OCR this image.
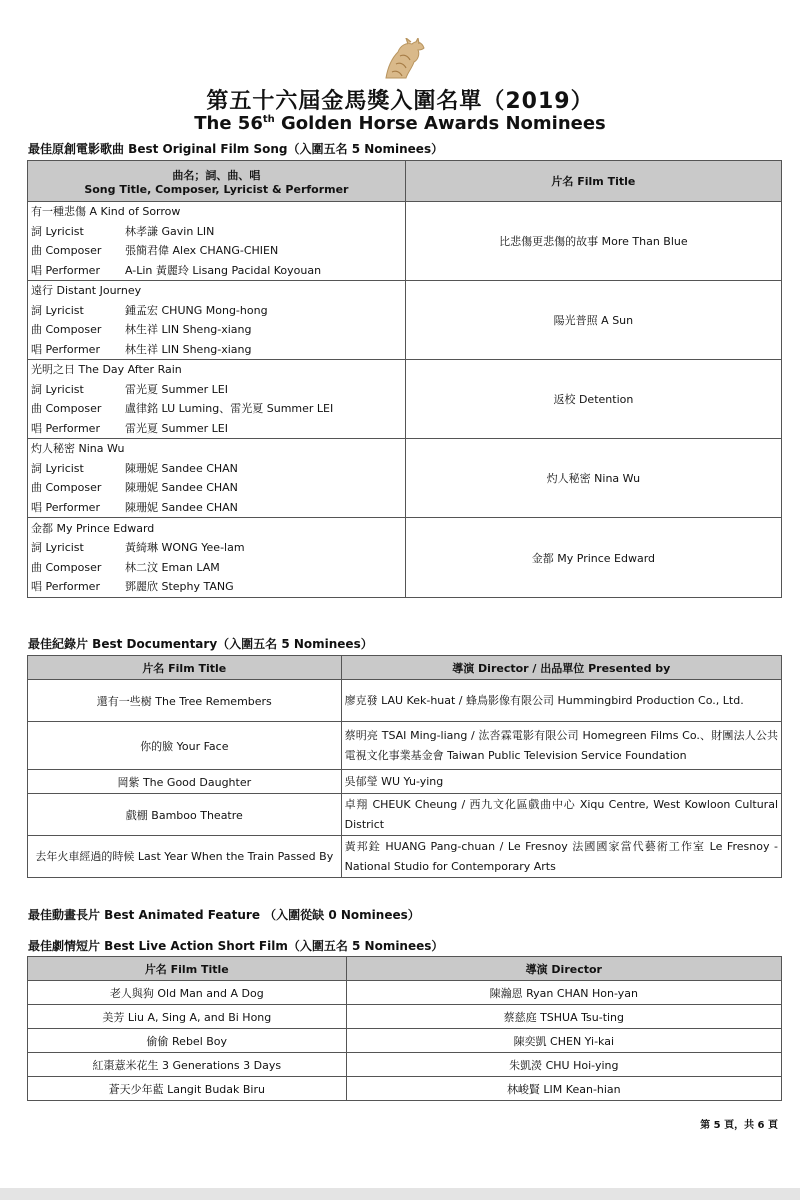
第五十六屆金馬獎入圍名單（2019）
The 56th Golden Horse Awards Nominees
最佳原創電影歌曲 Best Original Film Song（入圍五名 5 Nominees）
曲名；詞、曲、唱
Song Title, Composer, Lyricist & Performer	片名 Film Title

有一種悲傷 A Kind of Sorrow
詞 Lyricist 林孝謙 Gavin LIN
曲 Composer 張簡君偉 Alex CHANG-CHIEN
唱 Performer A-Lin 黃麗玲 Lisang Pacidal Koyouan	比悲傷更悲傷的故事 More Than Blue

遠行 Distant Journey
詞 Lyricist 鍾孟宏 CHUNG Mong-hong
曲 Composer 林生祥 LIN Sheng-xiang
唱 Performer 林生祥 LIN Sheng-xiang	陽光普照 A Sun

光明之日 The Day After Rain
詞 Lyricist 雷光夏 Summer LEI
曲 Composer 盧律銘 LU Luming、雷光夏 Summer LEI
唱 Performer 雷光夏 Summer LEI	返校 Detention

灼人秘密 Nina Wu
詞 Lyricist 陳珊妮 Sandee CHAN
曲 Composer 陳珊妮 Sandee CHAN
唱 Performer 陳珊妮 Sandee CHAN	灼人秘密 Nina Wu

金都 My Prince Edward
詞 Lyricist 黃綺琳 WONG Yee-lam
曲 Composer 林二汶 Eman LAM
唱 Performer 鄧麗欣 Stephy TANG	金都 My Prince Edward
最佳紀錄片 Best Documentary（入圍五名 5 Nominees）
片名 Film Title	導演 Director / 出品單位 Presented by
還有一些樹 The Tree Remembers	廖克發 LAU Kek-huat / 蜂鳥影像有限公司 Hummingbird Production Co., Ltd.
你的臉 Your Face	蔡明亮 TSAI Ming-liang / 汯呇霖電影有限公司 Homegreen Films Co.、財團法人公共電視文化事業基金會 Taiwan Public Television Service Foundation
岡紫 The Good Daughter	吳郁瑩 WU Yu-ying
戲棚 Bamboo Theatre	卓翔 CHEUK Cheung / 西九文化區戲曲中心 Xiqu Centre, West Kowloon Cultural District
去年火車經過的時候 Last Year When the Train Passed By	黃邦銓 HUANG Pang-chuan / Le Fresnoy 法國國家當代藝術工作室 Le Fresnoy - National Studio for Contemporary Arts
最佳動畫長片 Best Animated Feature （入圍從缺 0 Nominees）
最佳劇情短片 Best Live Action Short Film（入圍五名 5 Nominees）
片名 Film Title	導演 Director
老人與狗 Old Man and A Dog	陳瀚恩 Ryan CHAN Hon-yan
美芳 Liu A, Sing A, and Bi Hong	蔡慈庭 TSHUA Tsu-ting
偷偷 Rebel Boy	陳奕凱 CHEN Yi-kai
紅棗薏米花生 3 Generations 3 Days	朱凱濙 CHU Hoi-ying
蒼天少年藍 Langit Budak Biru	林峻賢 LIM Kean-hian
第 5 頁，共 6 頁
